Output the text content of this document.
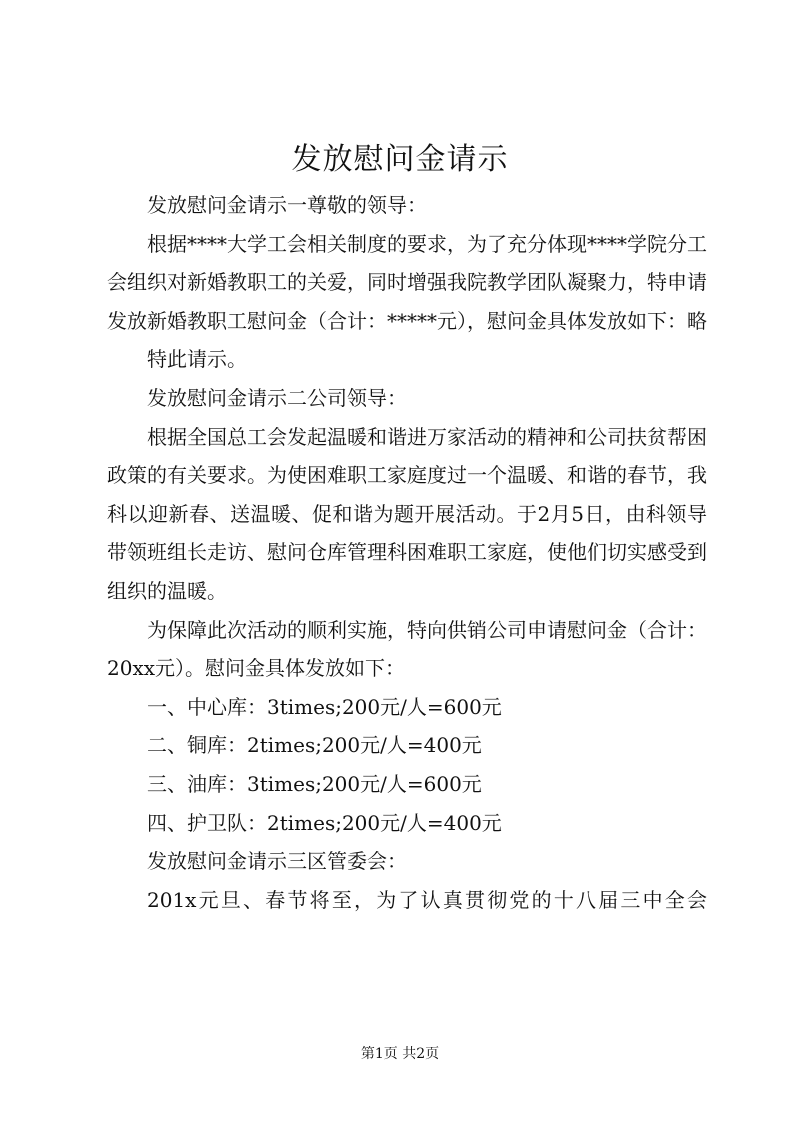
发放慰问金请示

发放慰问金请示一尊敬的领导：

根据****大学工会相关制度的要求，为了充分体现****学院分工会组织对新婚教职工的关爱，同时增强我院教学团队凝聚力，特申请发放新婚教职工慰问金（合计：*****元），慰问金具体发放如下：略

特此请示。

发放慰问金请示二公司领导：

根据全国总工会发起温暖和谐进万家活动的精神和公司扶贫帮困政策的有关要求。为使困难职工家庭度过一个温暖、和谐的春节，我科以迎新春、送温暖、促和谐为题开展活动。于2月5日，由科领导带领班组长走访、慰问仓库管理科困难职工家庭，使他们切实感受到组织的温暖。

为保障此次活动的顺利实施，特向供销公司申请慰问金（合计：20xx元）。慰问金具体发放如下：

一、中心库：3times;200元/人=600元

二、铜库：2times;200元/人=400元

三、油库：3times;200元/人=600元

四、护卫队：2times;200元/人=400元

发放慰问金请示三区管委会：

201x元旦、春节将至，为了认真贯彻党的十八届三中全会

第1页 共2页
